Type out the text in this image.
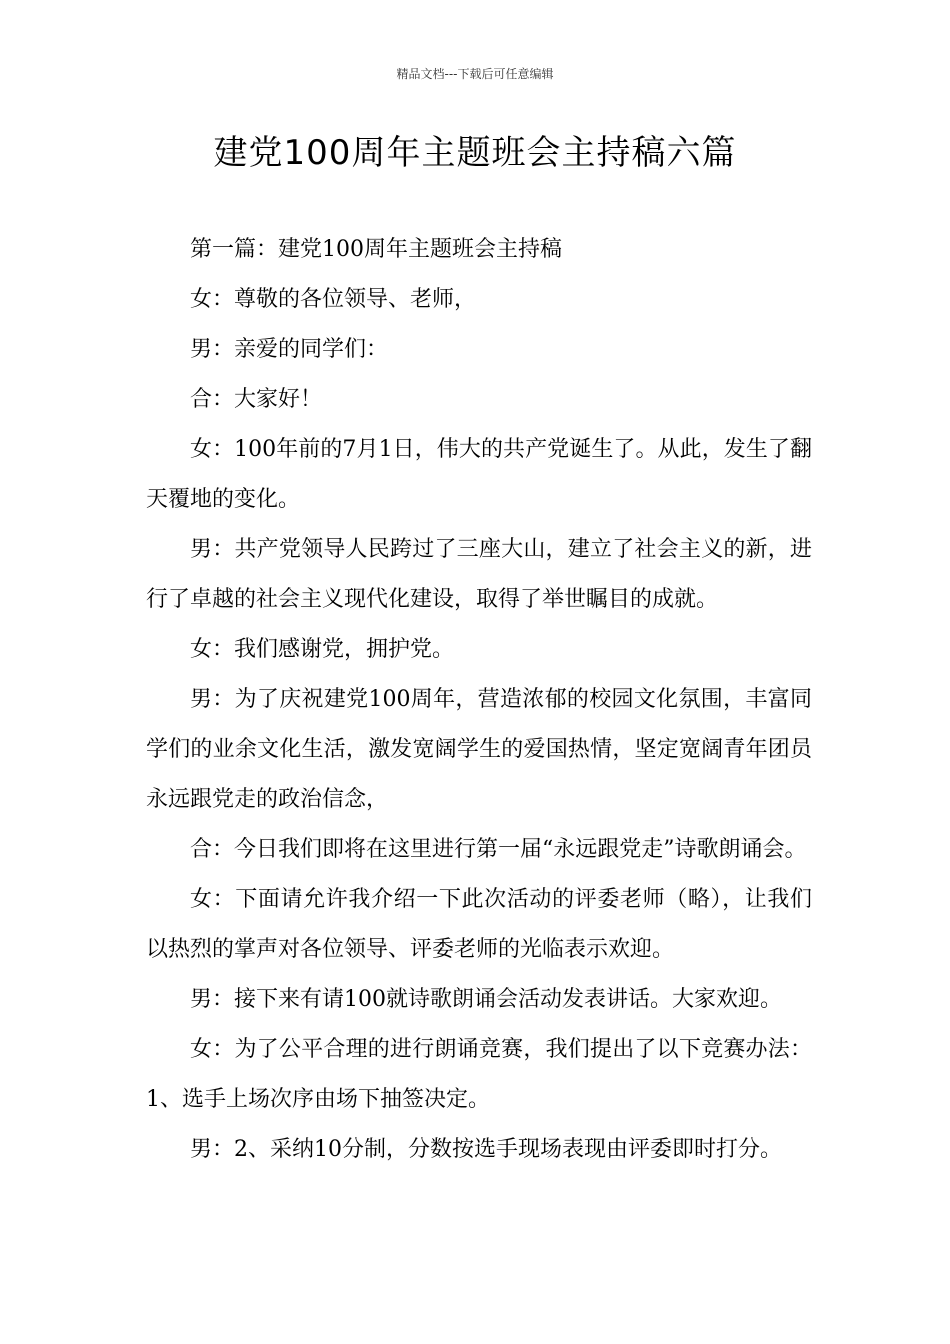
精品文档---下载后可任意编辑
建党100周年主题班会主持稿六篇

第一篇：建党100周年主题班会主持稿

女：尊敬的各位领导、老师，

男：亲爱的同学们：

合：大家好！

女：100年前的7月1日，伟大的共产党诞生了。从此，发生了翻天覆地的变化。

男：共产党领导人民跨过了三座大山，建立了社会主义的新，进行了卓越的社会主义现代化建设，取得了举世瞩目的成就。

女：我们感谢党，拥护党。

男：为了庆祝建党100周年，营造浓郁的校园文化氛围，丰富同学们的业余文化生活，激发宽阔学生的爱国热情，坚定宽阔青年团员永远跟党走的政治信念，

合：今日我们即将在这里进行第一届“永远跟党走”诗歌朗诵会。

女：下面请允许我介绍一下此次活动的评委老师（略），让我们以热烈的掌声对各位领导、评委老师的光临表示欢迎。

男：接下来有请100就诗歌朗诵会活动发表讲话。大家欢迎。

女：为了公平合理的进行朗诵竞赛，我们提出了以下竞赛办法：1、选手上场次序由场下抽签决定。

男：2、采纳10分制，分数按选手现场表现由评委即时打分。
